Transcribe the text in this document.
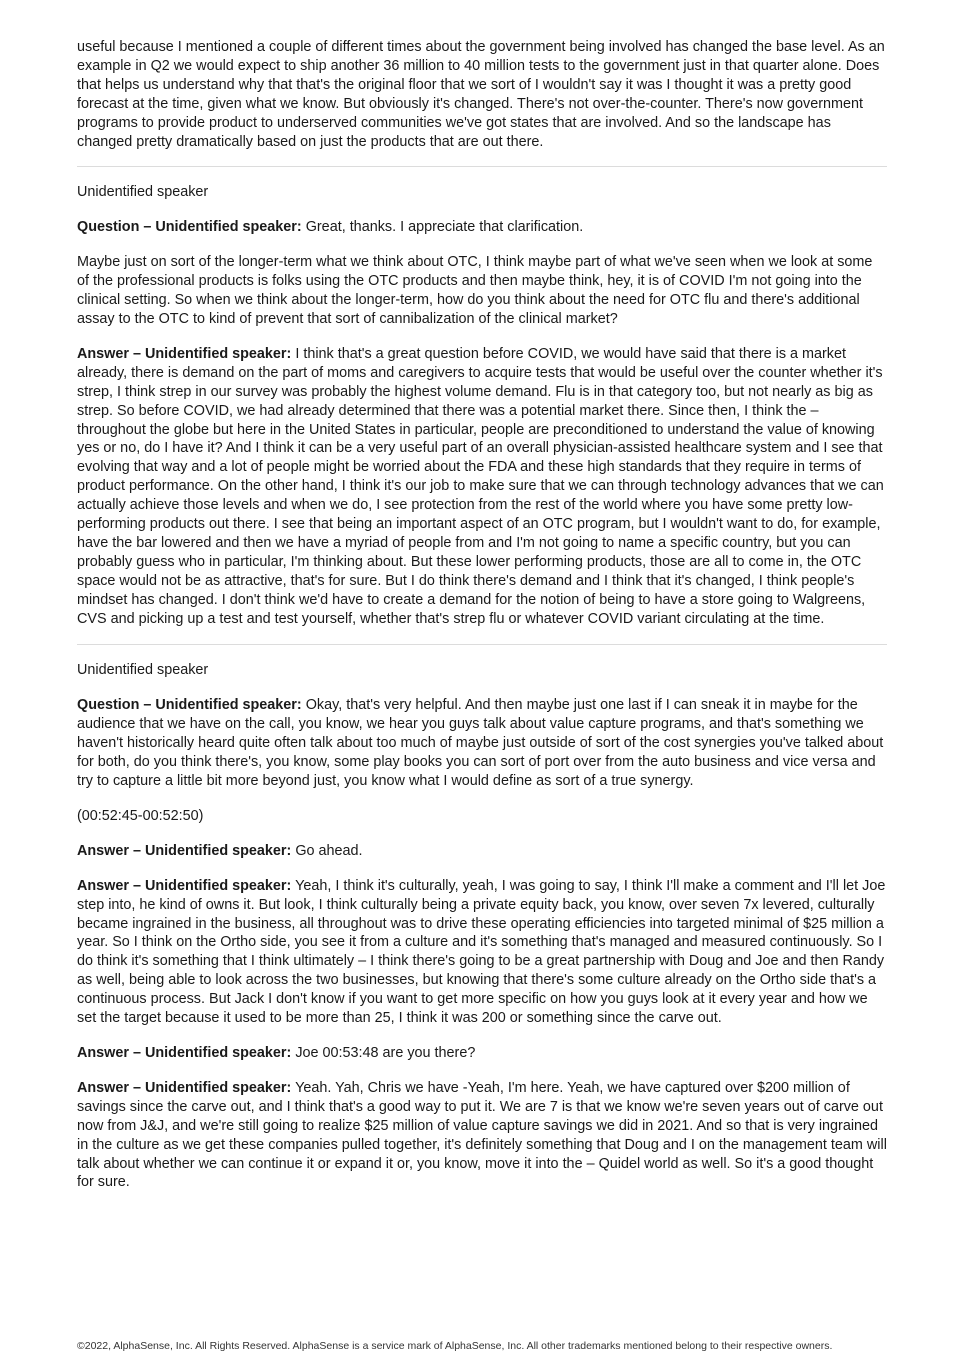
useful because I mentioned a couple of different times about the government being involved has changed the base level. As an example in Q2 we would expect to ship another 36 million to 40 million tests to the government just in that quarter alone. Does that helps us understand why that that's the original floor that we sort of I wouldn't say it was I thought it was a pretty good forecast at the time, given what we know. But obviously it's changed. There's not over-the-counter. There's now government programs to provide product to underserved communities we've got states that are involved. And so the landscape has changed pretty dramatically based on just the products that are out there.

Unidentified speaker

Question – Unidentified speaker: Great, thanks. I appreciate that clarification.

Maybe just on sort of the longer-term what we think about OTC, I think maybe part of what we've seen when we look at some of the professional products is folks using the OTC products and then maybe think, hey, it is of COVID I'm not going into the clinical setting. So when we think about the longer-term, how do you think about the need for OTC flu and there's additional assay to the OTC to kind of prevent that sort of cannibalization of the clinical market?

Answer – Unidentified speaker: I think that's a great question before COVID, we would have said that there is a market already, there is demand on the part of moms and caregivers to acquire tests that would be useful over the counter whether it's strep, I think strep in our survey was probably the highest volume demand. Flu is in that category too, but not nearly as big as strep. So before COVID, we had already determined that there was a potential market there. Since then, I think the – throughout the globe but here in the United States in particular, people are preconditioned to understand the value of knowing yes or no, do I have it? And I think it can be a very useful part of an overall physician-assisted healthcare system and I see that evolving that way and a lot of people might be worried about the FDA and these high standards that they require in terms of product performance. On the other hand, I think it's our job to make sure that we can through technology advances that we can actually achieve those levels and when we do, I see protection from the rest of the world where you have some pretty low-performing products out there. I see that being an important aspect of an OTC program, but I wouldn't want to do, for example, have the bar lowered and then we have a myriad of people from and I'm not going to name a specific country, but you can probably guess who in particular, I'm thinking about. But these lower performing products, those are all to come in, the OTC space would not be as attractive, that's for sure. But I do think there's demand and I think that it's changed, I think people's mindset has changed. I don't think we'd have to create a demand for the notion of being to have a store going to Walgreens, CVS and picking up a test and test yourself, whether that's strep flu or whatever COVID variant circulating at the time.

Unidentified speaker

Question – Unidentified speaker: Okay, that's very helpful. And then maybe just one last if I can sneak it in maybe for the audience that we have on the call, you know, we hear you guys talk about value capture programs, and that's something we haven't historically heard quite often talk about too much of maybe just outside of sort of the cost synergies you've talked about for both, do you think there's, you know, some play books you can sort of port over from the auto business and vice versa and try to capture a little bit more beyond just, you know what I would define as sort of a true synergy.

(00:52:45-00:52:50)

Answer – Unidentified speaker: Go ahead.

Answer – Unidentified speaker: Yeah, I think it's culturally, yeah, I was going to say, I think I'll make a comment and I'll let Joe step into, he kind of owns it. But look, I think culturally being a private equity back, you know, over seven 7x levered, culturally became ingrained in the business, all throughout was to drive these operating efficiencies into targeted minimal of $25 million a year. So I think on the Ortho side, you see it from a culture and it's something that's managed and measured continuously. So I do think it's something that I think ultimately – I think there's going to be a great partnership with Doug and Joe and then Randy as well, being able to look across the two businesses, but knowing that there's some culture already on the Ortho side that's a continuous process. But Jack I don't know if you want to get more specific on how you guys look at it every year and how we set the target because it used to be more than 25, I think it was 200 or something since the carve out.

Answer – Unidentified speaker: Joe 00:53:48 are you there?

Answer – Unidentified speaker: Yeah. Yah, Chris we have -Yeah, I'm here. Yeah, we have captured over $200 million of savings since the carve out, and I think that's a good way to put it. We are 7 is that we know we're seven years out of carve out now from J&J, and we're still going to realize $25 million of value capture savings we did in 2021. And so that is very ingrained in the culture as we get these companies pulled together, it's definitely something that Doug and I on the management team will talk about whether we can continue it or expand it or, you know, move it into the – Quidel world as well. So it's a good thought for sure.

©2022, AlphaSense, Inc. All Rights Reserved. AlphaSense is a service mark of AlphaSense, Inc. All other trademarks mentioned belong to their respective owners.
